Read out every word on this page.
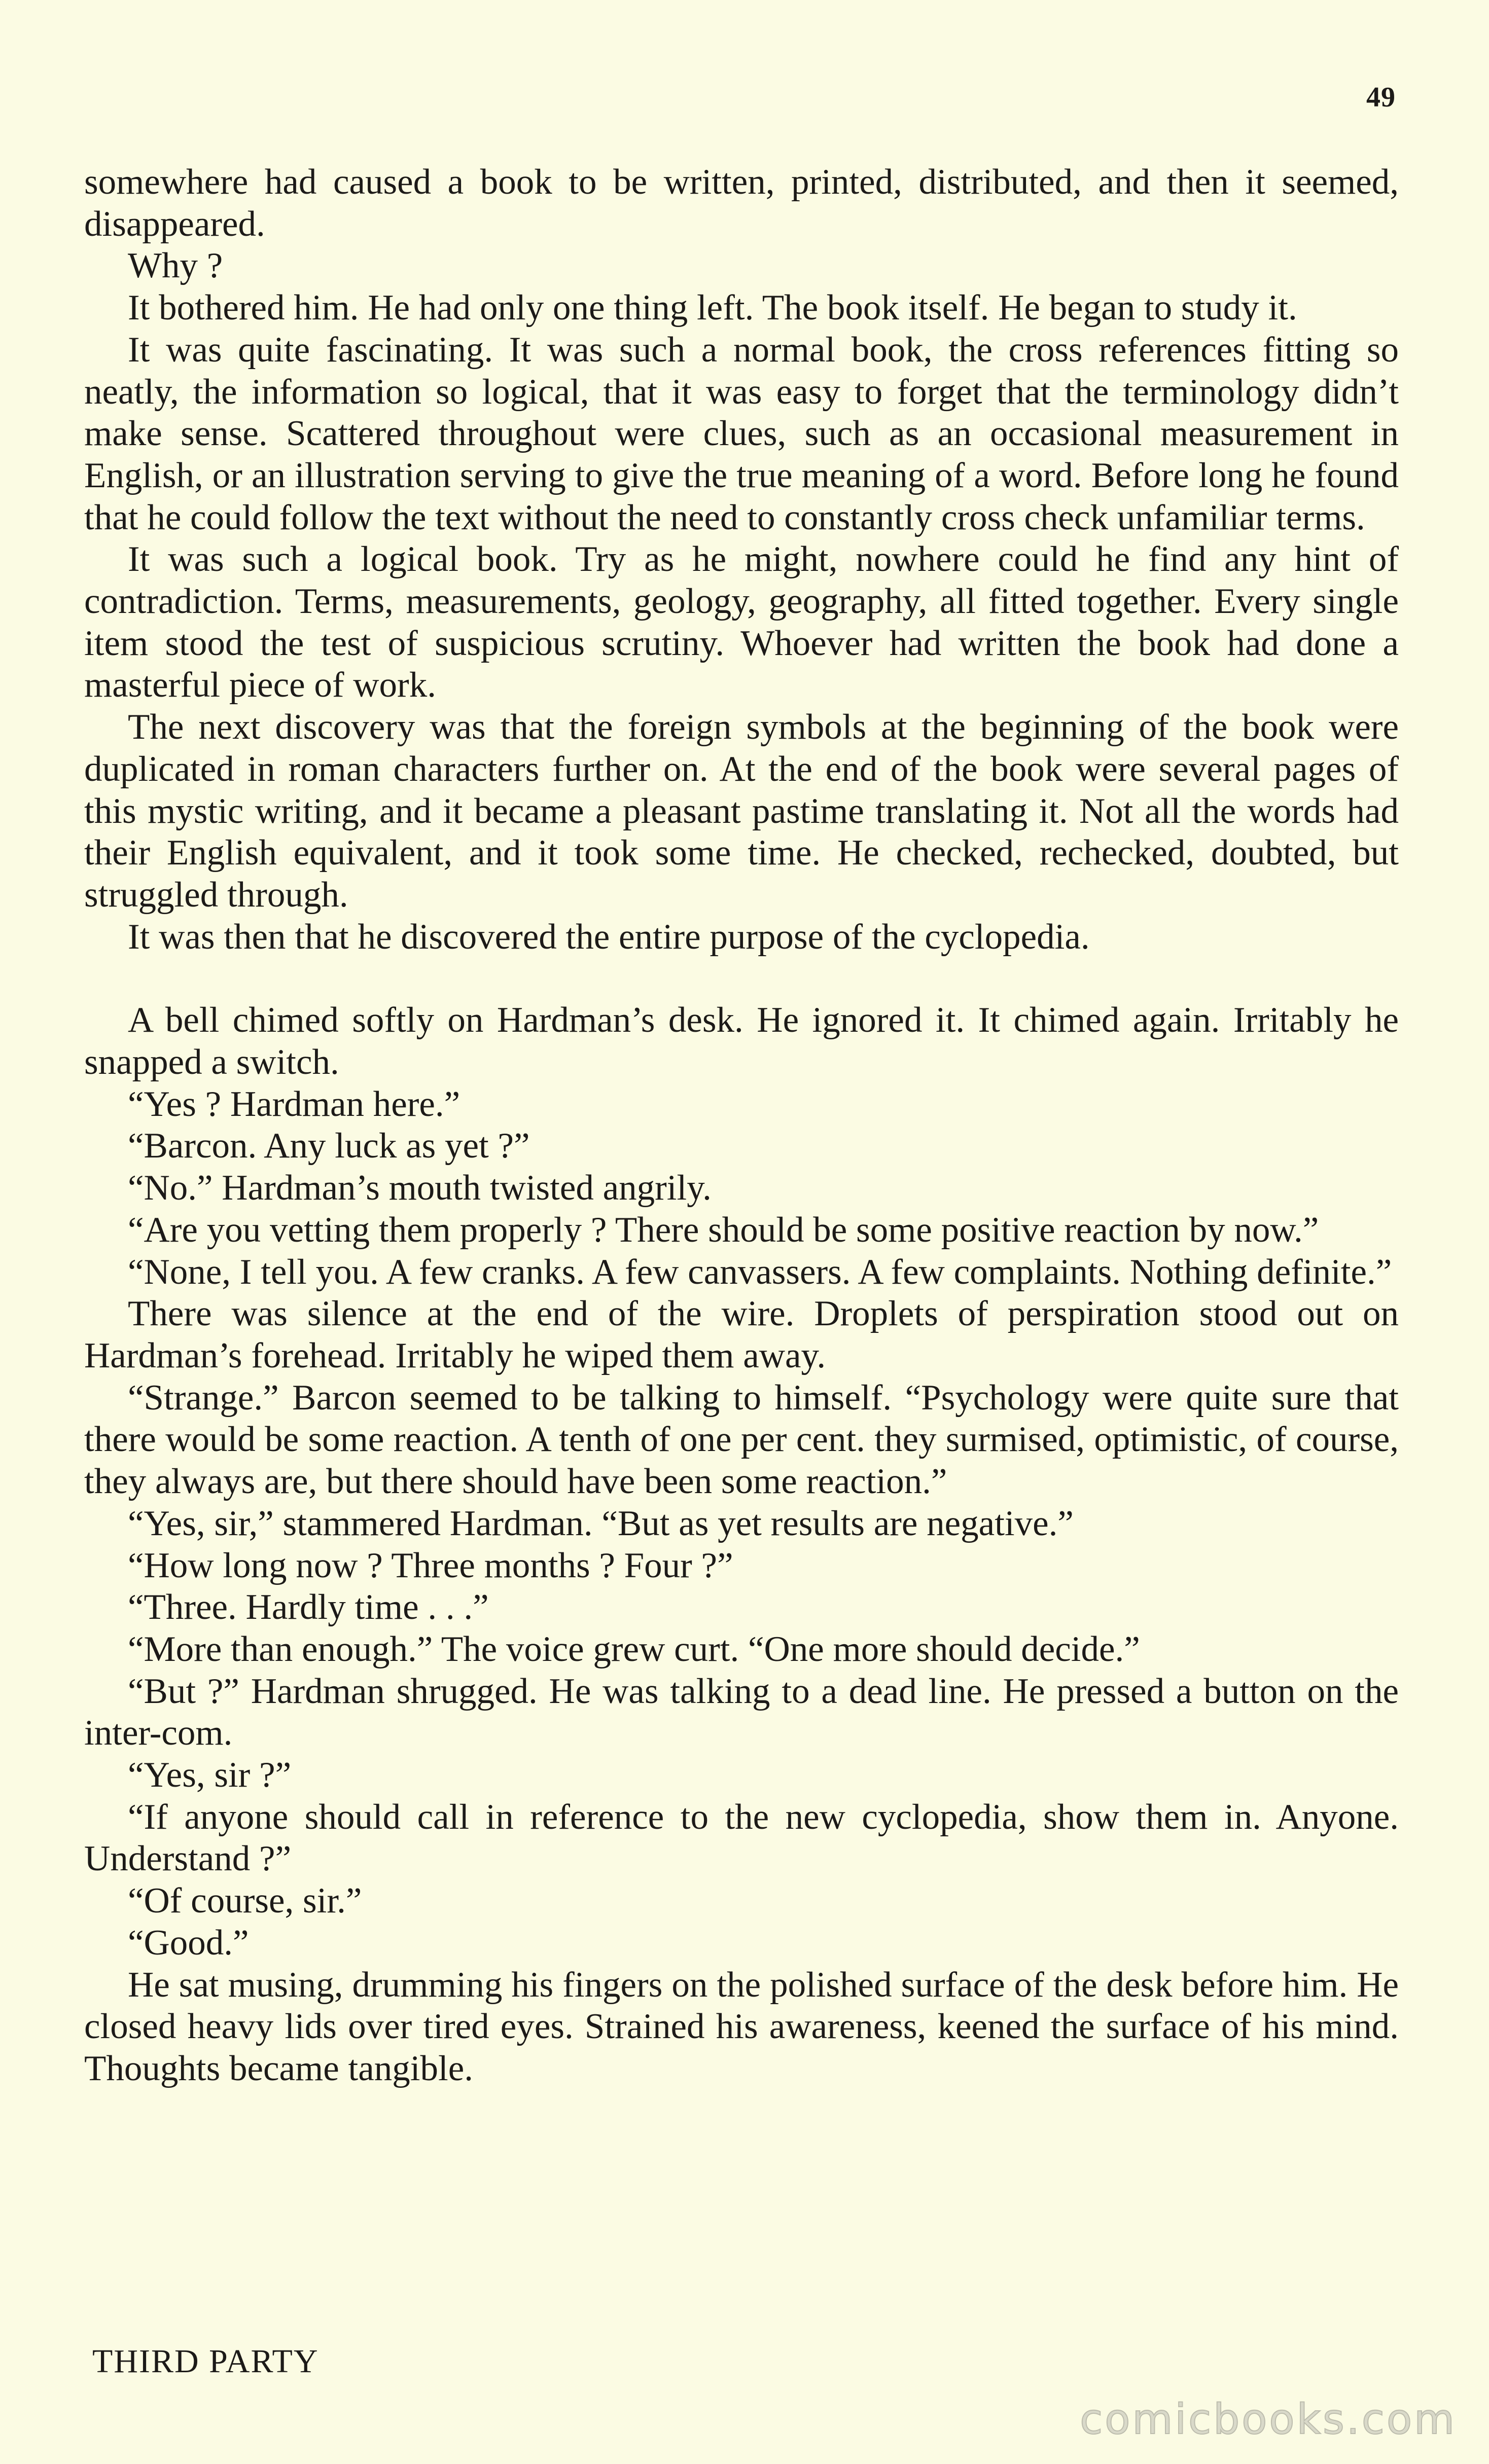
49

somewhere had caused a book to be written, printed, distributed, and then it seemed, disappeared.

Why ?

It bothered him. He had only one thing left. The book itself. He began to study it.

It was quite fascinating. It was such a normal book, the cross references fitting so neatly, the information so logical, that it was easy to forget that the terminology didn’t make sense. Scattered throughout were clues, such as an occasional measurement in English, or an illustration serving to give the true meaning of a word. Before long he found that he could follow the text without the need to constantly cross check unfamiliar terms.

It was such a logical book. Try as he might, nowhere could he find any hint of contradiction. Terms, measurements, geology, geography, all fitted together. Every single item stood the test of suspicious scrutiny. Whoever had written the book had done a masterful piece of work.

The next discovery was that the foreign symbols at the beginning of the book were duplicated in roman characters further on. At the end of the book were several pages of this mystic writing, and it became a pleasant pastime translating it. Not all the words had their English equivalent, and it took some time. He checked, rechecked, doubted, but struggled through.

It was then that he discovered the entire purpose of the cyclopedia.

A bell chimed softly on Hardman’s desk. He ignored it. It chimed again. Irritably he snapped a switch.

“Yes ? Hardman here.”

“Barcon. Any luck as yet ?”

“No.” Hardman’s mouth twisted angrily.

“Are you vetting them properly ? There should be some positive reaction by now.”

“None, I tell you. A few cranks. A few canvassers. A few complaints. Nothing definite.”

There was silence at the end of the wire. Droplets of perspiration stood out on Hardman’s forehead. Irritably he wiped them away.

“Strange.” Barcon seemed to be talking to himself. “Psychology were quite sure that there would be some reaction. A tenth of one per cent. they surmised, optimistic, of course, they always are, but there should have been some reaction.”

“Yes, sir,” stammered Hardman. “But as yet results are negative.”

“How long now ? Three months ? Four ?”

“Three. Hardly time . . .”

“More than enough.” The voice grew curt. “One more should decide.”

“But ?” Hardman shrugged. He was talking to a dead line. He pressed a button on the inter-com.

“Yes, sir ?”

“If anyone should call in reference to the new cyclopedia, show them in. Anyone. Understand ?”

“Of course, sir.”

“Good.”

He sat musing, drumming his fingers on the polished surface of the desk before him. He closed heavy lids over tired eyes. Strained his awareness, keened the surface of his mind. Thoughts became tangible.

THIRD PARTY
comicbooks.com
